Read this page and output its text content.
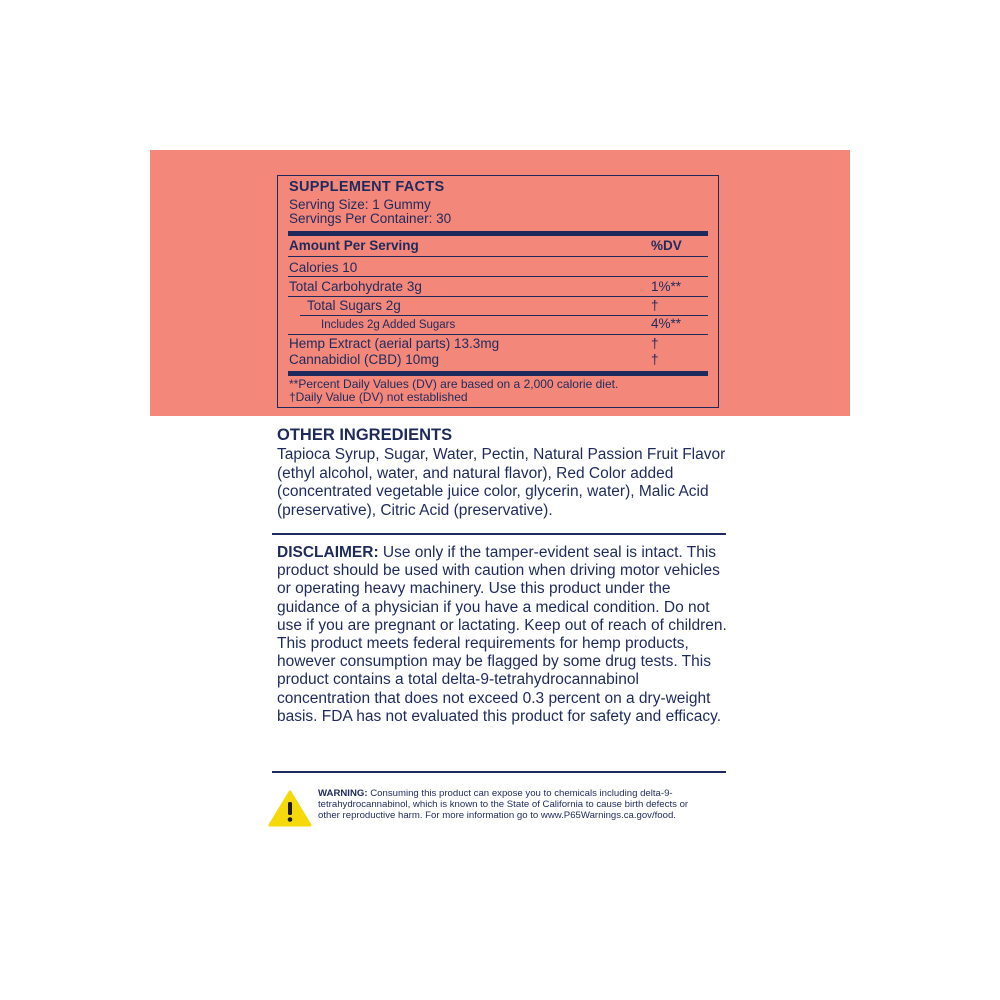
SUPPLEMENT FACTS
Serving Size: 1 Gummy
Servings Per Container: 30
Amount Per Serving	%DV
Calories 10
Total Carbohydrate 3g	1%**
Total Sugars 2g	†
Includes 2g Added Sugars	4%**
Hemp Extract (aerial parts) 13.3mg	†
Cannabidiol (CBD) 10mg	†
**Percent Daily Values (DV) are based on a 2,000 calorie diet.
†Daily Value (DV) not established
OTHER INGREDIENTS
Tapioca Syrup, Sugar, Water, Pectin, Natural Passion Fruit Flavor (ethyl alcohol, water, and natural flavor), Red Color added (concentrated vegetable juice color, glycerin, water), Malic Acid (preservative), Citric Acid (preservative).
DISCLAIMER: Use only if the tamper-evident seal is intact. This product should be used with caution when driving motor vehicles or operating heavy machinery. Use this product under the guidance of a physician if you have a medical condition. Do not use if you are pregnant or lactating. Keep out of reach of children. This product meets federal requirements for hemp products, however consumption may be flagged by some drug tests. This product contains a total delta-9-tetrahydrocannabinol concentration that does not exceed 0.3 percent on a dry-weight basis. FDA has not evaluated this product for safety and efficacy.
WARNING: Consuming this product can expose you to chemicals including delta-9-tetrahydrocannabinol, which is known to the State of California to cause birth defects or other reproductive harm. For more information go to www.P65Warnings.ca.gov/food.
